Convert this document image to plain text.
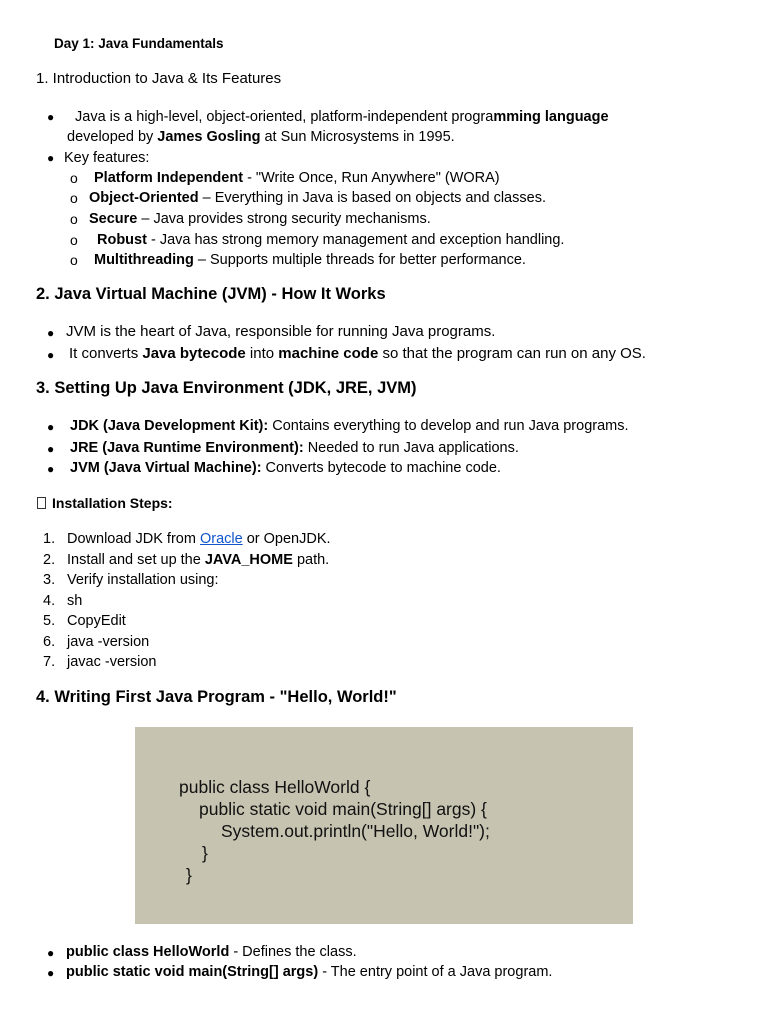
Day 1: Java Fundamentals
1. Introduction to Java & Its Features
● Java is a high-level, object-oriented, platform-independent programming language
developed by James Gosling at Sun Microsystems in 1995.
● Key features:
o Platform Independent - "Write Once, Run Anywhere" (WORA)
o Object-Oriented – Everything in Java is based on objects and classes.
o Secure – Java provides strong security mechanisms.
o Robust - Java has strong memory management and exception handling.
o Multithreading – Supports multiple threads for better performance.
2. Java Virtual Machine (JVM) - How It Works
● JVM is the heart of Java, responsible for running Java programs.
● It converts Java bytecode into machine code so that the program can run on any OS.
3. Setting Up Java Environment (JDK, JRE, JVM)
● JDK (Java Development Kit): Contains everything to develop and run Java programs.
● JRE (Java Runtime Environment): Needed to run Java applications.
● JVM (Java Virtual Machine): Converts bytecode to machine code.
Installation Steps:
1. Download JDK from Oracle or OpenJDK.
2. Install and set up the JAVA_HOME path.
3. Verify installation using:
4. sh
5. CopyEdit
6. java -version
7. javac -version
4. Writing First Java Program - "Hello, World!"
public class HelloWorld {
public static void main(String[] args) {
System.out.println("Hello, World!");
}
}
● public class HelloWorld - Defines the class.
● public static void main(String[] args) - The entry point of a Java program.
